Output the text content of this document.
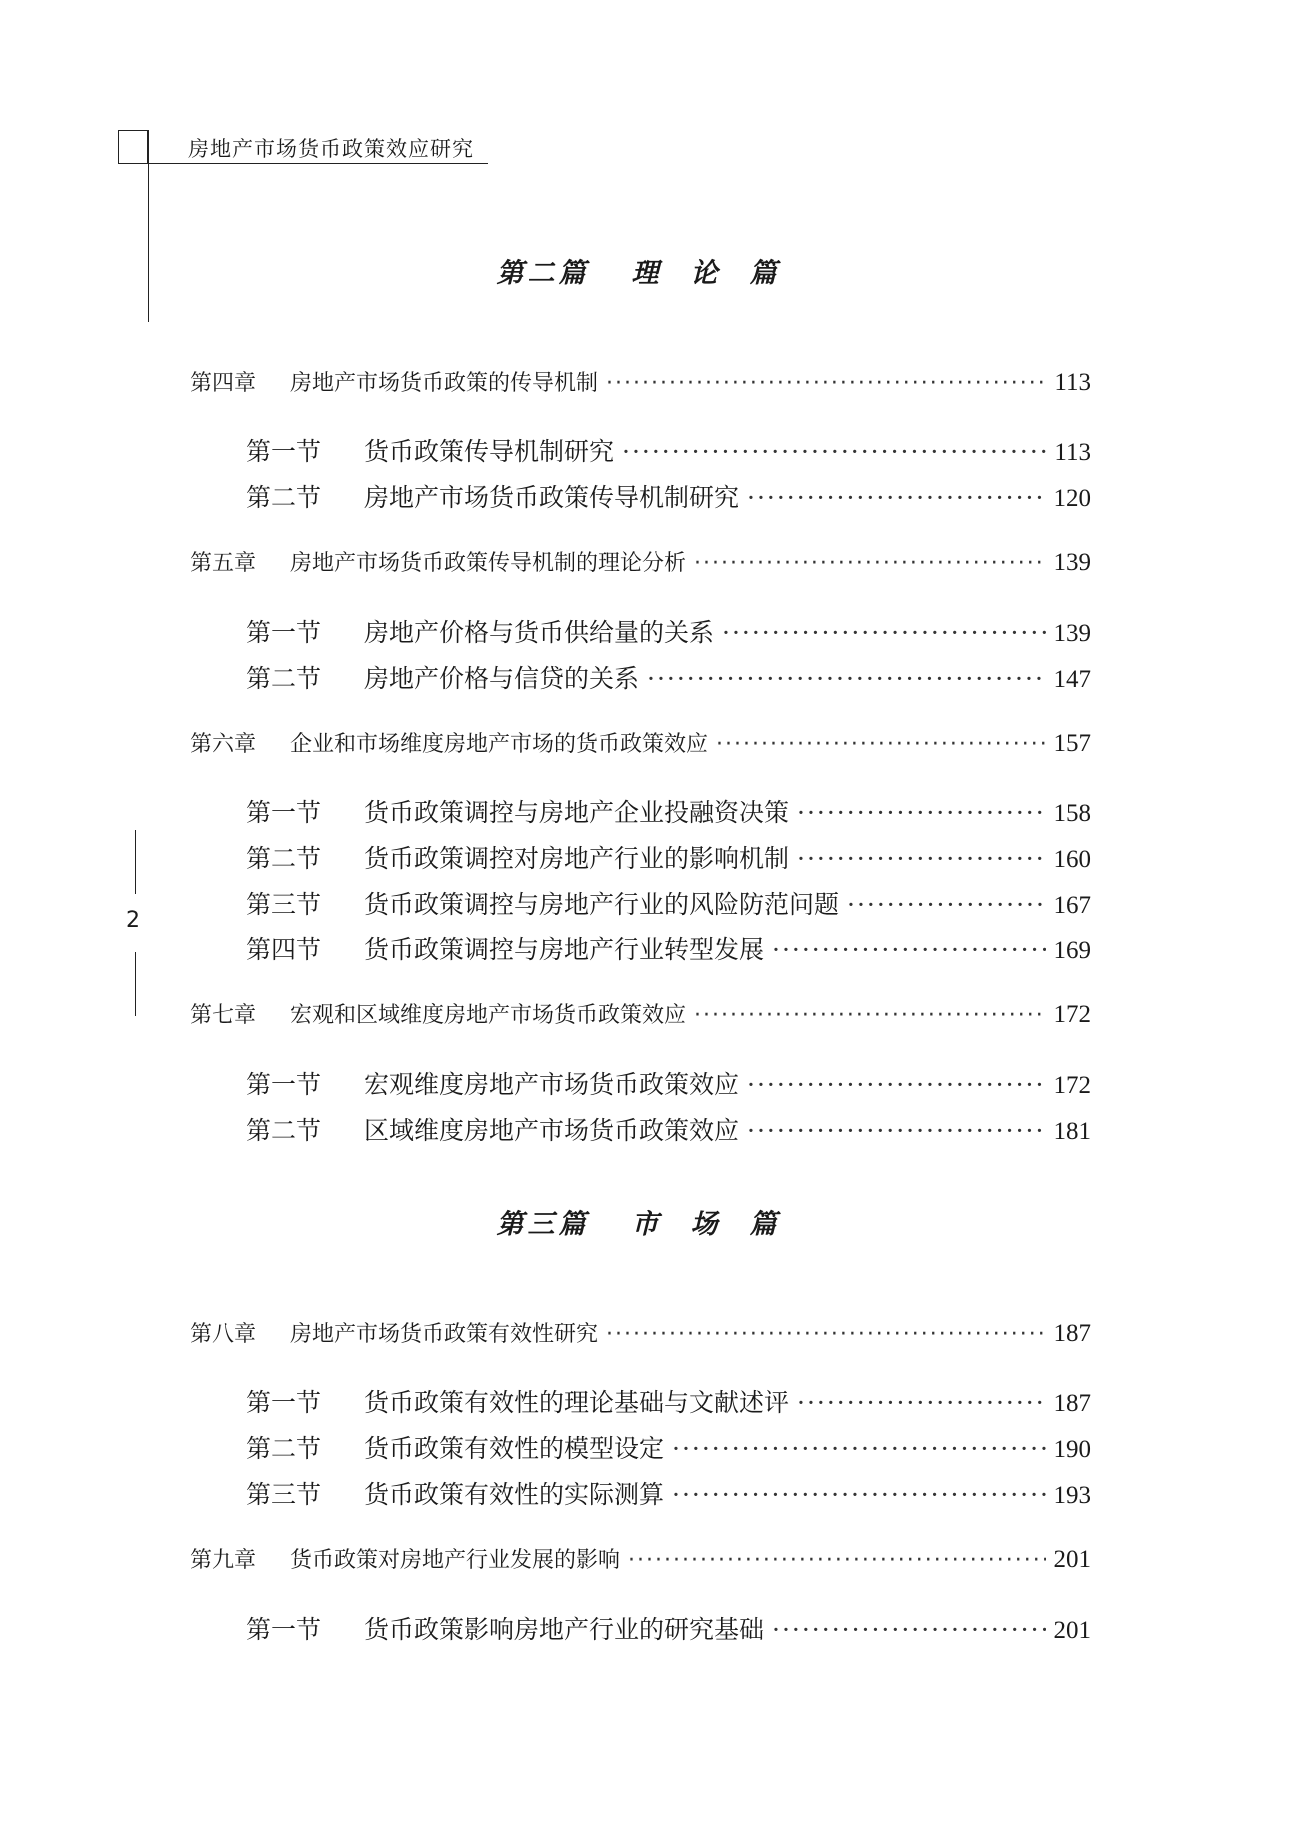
房地产市场货币政策效应研究
2
第二篇 理 论 篇
第四章	房地产市场货币政策的传导机制 ·····	113
第一节	货币政策传导机制研究 ·····	113
第二节	房地产市场货币政策传导机制研究 ·····	120
第五章	房地产市场货币政策传导机制的理论分析 ·····	139
第一节	房地产价格与货币供给量的关系 ·····	139
第二节	房地产价格与信贷的关系 ·····	147
第六章	企业和市场维度房地产市场的货币政策效应 ·····	157
第一节	货币政策调控与房地产企业投融资决策 ·····	158
第二节	货币政策调控对房地产行业的影响机制 ·····	160
第三节	货币政策调控与房地产行业的风险防范问题 ·····	167
第四节	货币政策调控与房地产行业转型发展 ·····	169
第七章	宏观和区域维度房地产市场货币政策效应 ·····	172
第一节	宏观维度房地产市场货币政策效应 ·····	172
第二节	区域维度房地产市场货币政策效应 ·····	181
第三篇 市 场 篇
第八章	房地产市场货币政策有效性研究 ·····	187
第一节	货币政策有效性的理论基础与文献述评 ·····	187
第二节	货币政策有效性的模型设定 ·····	190
第三节	货币政策有效性的实际测算 ·····	193
第九章	货币政策对房地产行业发展的影响 ·····	201
第一节	货币政策影响房地产行业的研究基础 ·····	201
